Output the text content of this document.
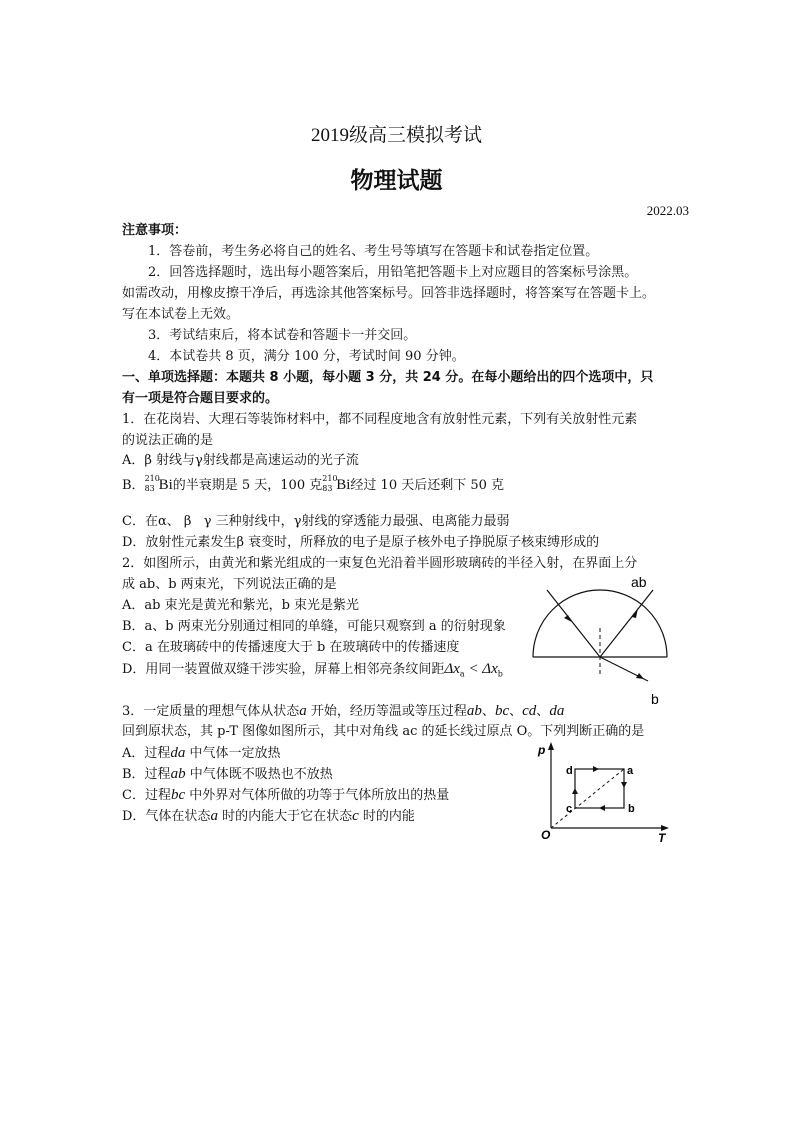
2019级高三模拟考试
物理试题
2022.03
注意事项：
1．答卷前，考生务必将自己的姓名、考生号等填写在答题卡和试卷指定位置。
2．回答选择题时，选出每小题答案后，用铅笔把答题卡上对应题目的答案标号涂黑。
如需改动，用橡皮擦干净后，再选涂其他答案标号。回答非选择题时，将答案写在答题卡上。
写在本试卷上无效。
3．考试结束后，将本试卷和答题卡一并交回。
4．本试卷共 8 页，满分 100 分，考试时间 90 分钟。
一、单项选择题：本题共 8 小题，每小题 3 分，共 24 分。在每小题给出的四个选项中，只
有一项是符合题目要求的。
1．在花岗岩、大理石等装饰材料中，都不同程度地含有放射性元素，下列有关放射性元素
的说法正确的是
A．β 射线与γ射线都是高速运动的光子流
B． 210
83 Bi的半衰期是 5 天，100 克 210
83 Bi经过 10 天后还剩下 50 克
C．在α、 β   γ 三种射线中，γ射线的穿透能力最强、电离能力最弱
D．放射性元素发生β 衰变时，所释放的电子是原子核外电子挣脱原子核束缚形成的
2．如图所示，由黄光和紫光组成的一束复色光沿着半圆形玻璃砖的半径入射，在界面上分
成 ab、b 两束光，下列说法正确的是
A．ab 束光是黄光和紫光，b 束光是紫光
B．a、b 两束光分别通过相同的单缝，可能只观察到 a 的衍射现象
C．a 在玻璃砖中的传播速度大于 b 在玻璃砖中的传播速度
D．用同一装置做双缝干涉实验，屏幕上相邻亮条纹间距$\Delta x_a < \Delta x_b$
ab
b
3．一定质量的理想气体从状态a 开始，经历等温或等压过程ab、bc、cd、da
回到原状态，其 p-T 图像如图所示，其中对角线 ac 的延长线过原点 O。下列判断正确的是
A．过程da 中气体一定放热
B．过程ab 中气体既不吸热也不放热
C．过程bc 中外界对气体所做的功等于气体所放出的热量
D．气体在状态a 时的内能大于它在状态c 时的内能
p
T
O
a
b
c
d
